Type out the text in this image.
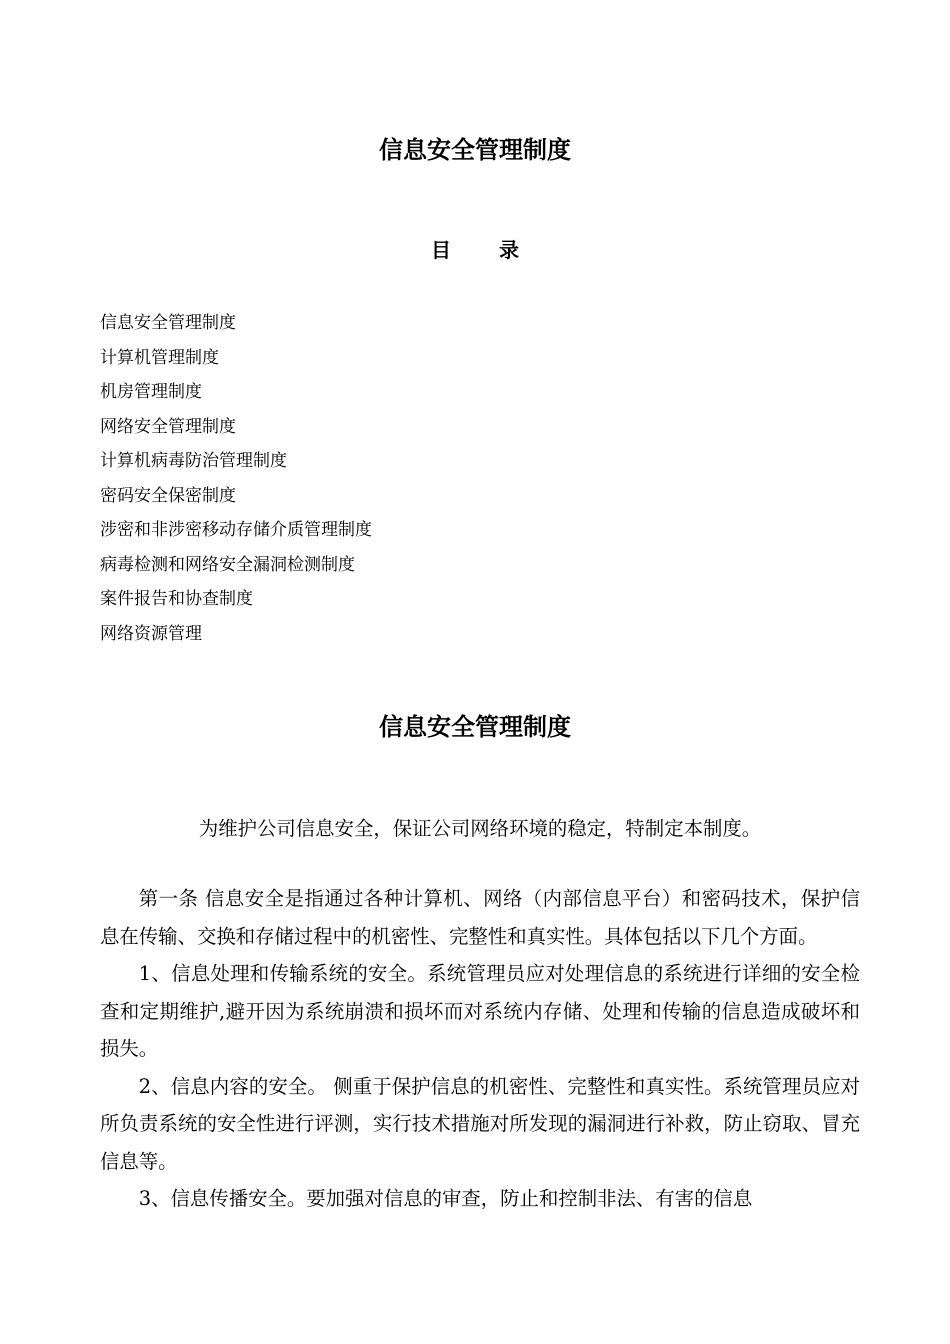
信息安全管理制度
目 录
信息安全管理制度
计算机管理制度
机房管理制度
网络安全管理制度
计算机病毒防治管理制度
密码安全保密制度
涉密和非涉密移动存储介质管理制度
病毒检测和网络安全漏洞检测制度
案件报告和协查制度
网络资源管理
信息安全管理制度
为维护公司信息安全，保证公司网络环境的稳定，特制定本制度。

第一条 信息安全是指通过各种计算机、网络（内部信息平台）和密码技术，保护信息在传输、交换和存储过程中的机密性、完整性和真实性。具体包括以下几个方面。

1、信息处理和传输系统的安全。系统管理员应对处理信息的系统进行详细的安全检查和定期维护,避开因为系统崩溃和损坏而对系统内存储、处理和传输的信息造成破坏和损失。

2、信息内容的安全。 侧重于保护信息的机密性、完整性和真实性。系统管理员应对所负责系统的安全性进行评测，实行技术措施对所发现的漏洞进行补救，防止窃取、冒充信息等。

3、信息传播安全。要加强对信息的审查，防止和控制非法、有害的信息
